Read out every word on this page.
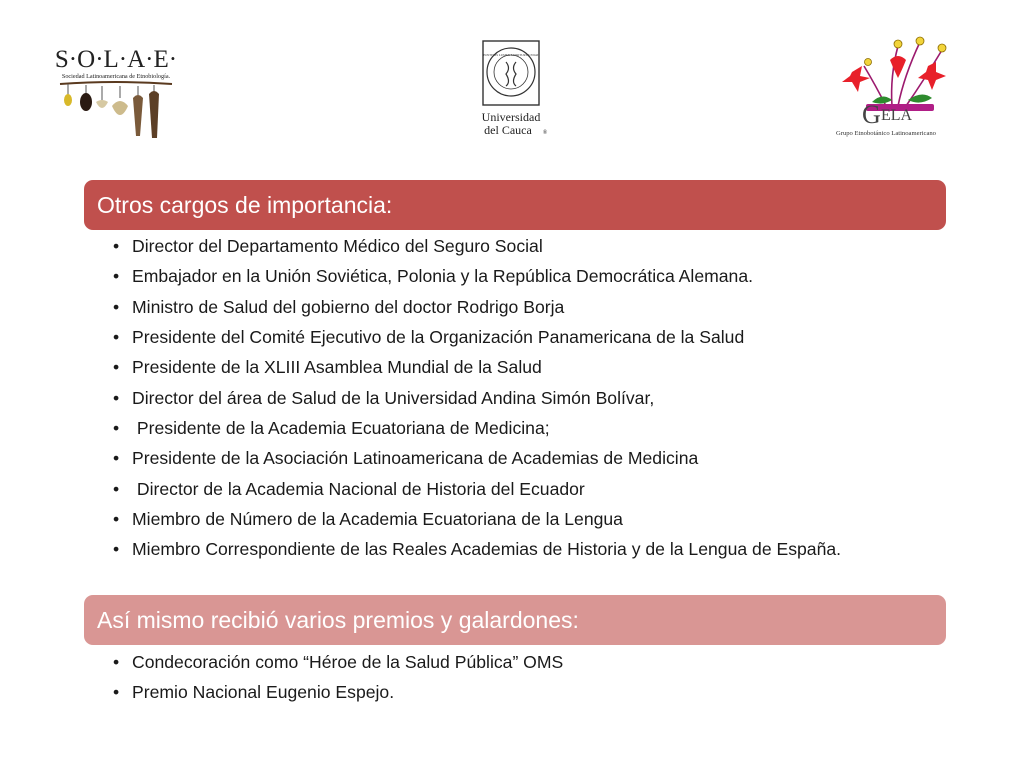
S·O·L·A·E·
Sociedad Latinoamericana de Etnobiología.
POSTERIS LUMEN MORITURUS EDAT
Universidad
del Cauca ®
G ELA
Grupo Etnobotánico Latinoamericano
Otros cargos de importancia:
• Director del Departamento Médico del Seguro Social
• Embajador en la Unión Soviética, Polonia y la República Democrática Alemana.
• Ministro de Salud del gobierno del doctor Rodrigo Borja
• Presidente del Comité Ejecutivo de la Organización Panamericana de la Salud
• Presidente de la XLIII Asamblea Mundial de la Salud
• Director del área de Salud de la Universidad Andina Simón Bolívar,
• Presidente de la Academia Ecuatoriana de Medicina;
• Presidente de la Asociación Latinoamericana de Academias de Medicina
• Director de la Academia Nacional de Historia del Ecuador
• Miembro de Número de la Academia Ecuatoriana de la Lengua
• Miembro Correspondiente de las Reales Academias de Historia y de la Lengua de España.
Así mismo recibió varios premios y galardones:
• Condecoración como “Héroe de la Salud Pública” OMS
• Premio Nacional Eugenio Espejo.
